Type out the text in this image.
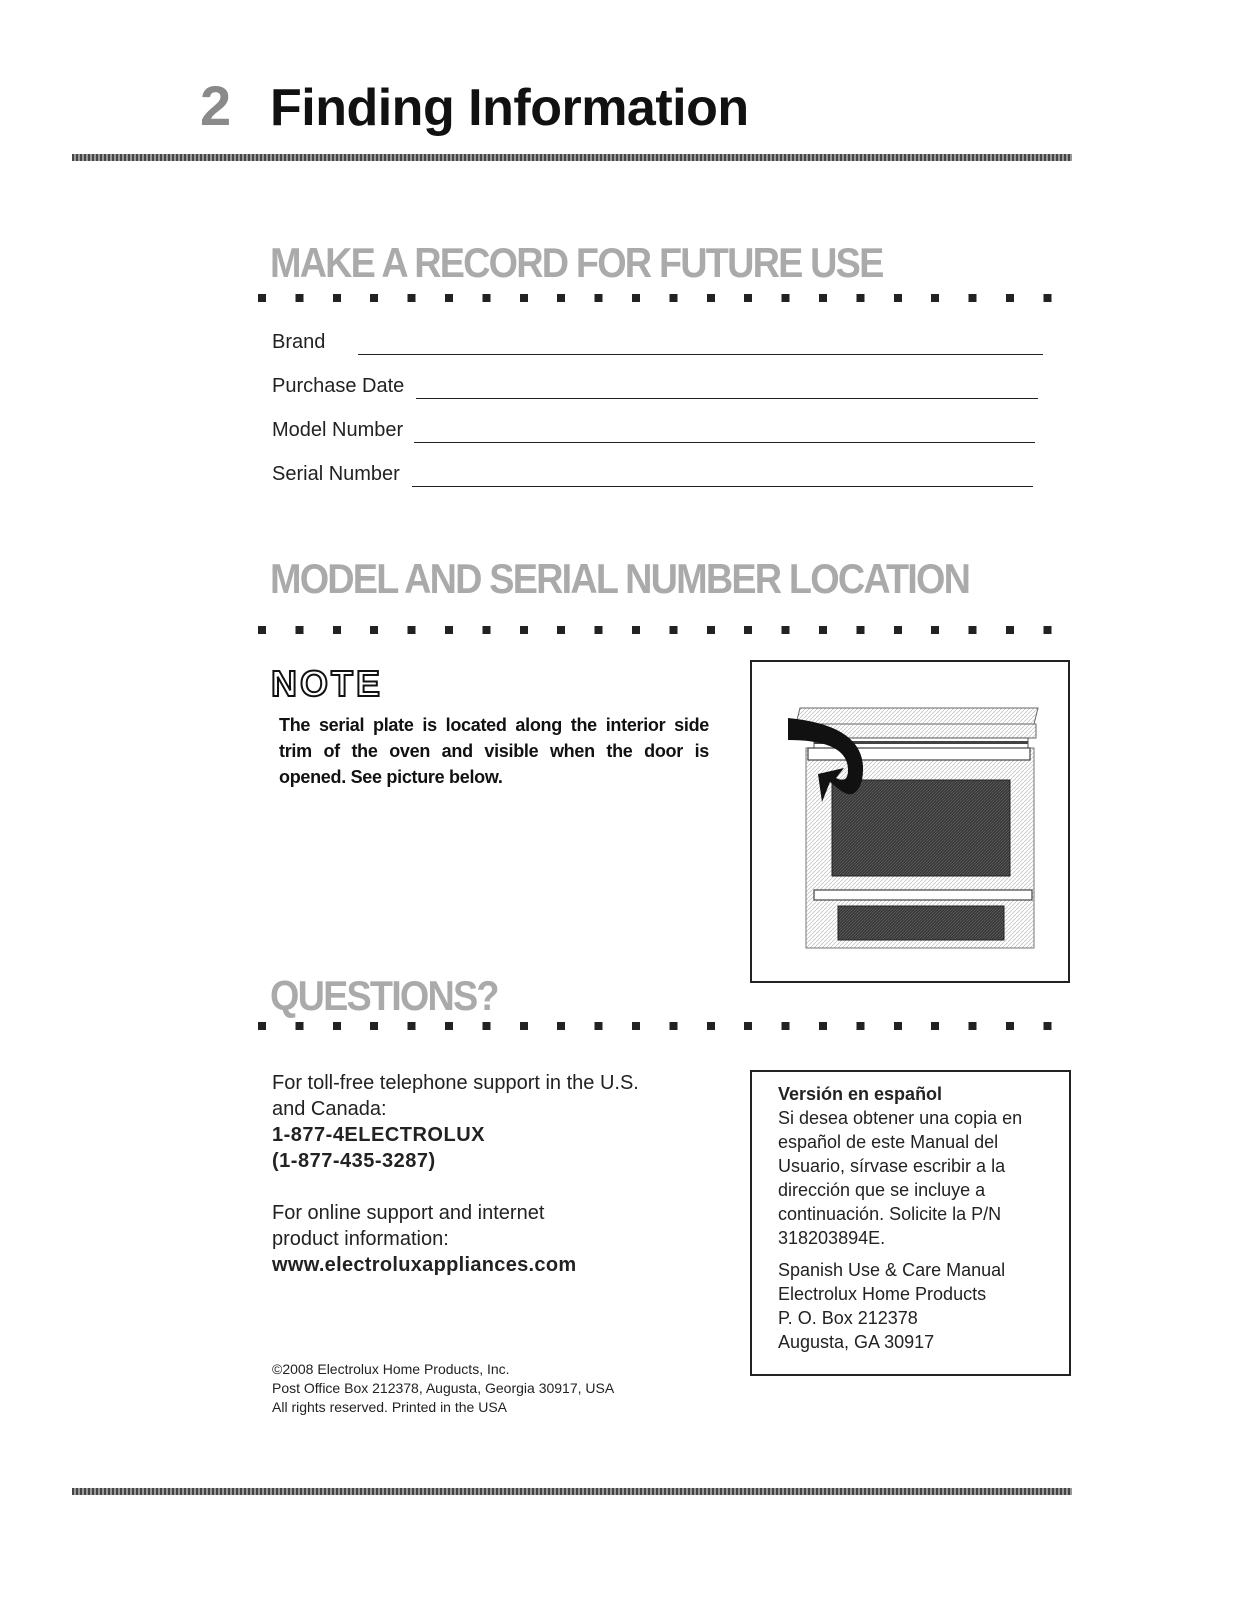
2 Finding Information
MAKE A RECORD FOR FUTURE USE
Brand
Purchase Date
Model Number
Serial Number
MODEL AND SERIAL NUMBER LOCATION
NOTE
The serial plate is located along the interior side trim of the oven and visible when the door is opened. See picture below.
QUESTIONS?
For toll-free telephone support in the U.S.
and Canada:
1-877-4ELECTROLUX
(1-877-435-3287)
For online support and internet
product information:
www.electroluxappliances.com
©2008 Electrolux Home Products, Inc.
Post Office Box 212378, Augusta, Georgia 30917, USA
All rights reserved. Printed in the USA

Versión en español

Si desea obtener una copia en

español de este Manual del

Usuario, sírvase escribir a la

dirección que se incluye a

continuación. Solicite la P/N

318203894E.

Spanish Use & Care Manual

Electrolux Home Products

P. O. Box 212378

Augusta, GA 30917
